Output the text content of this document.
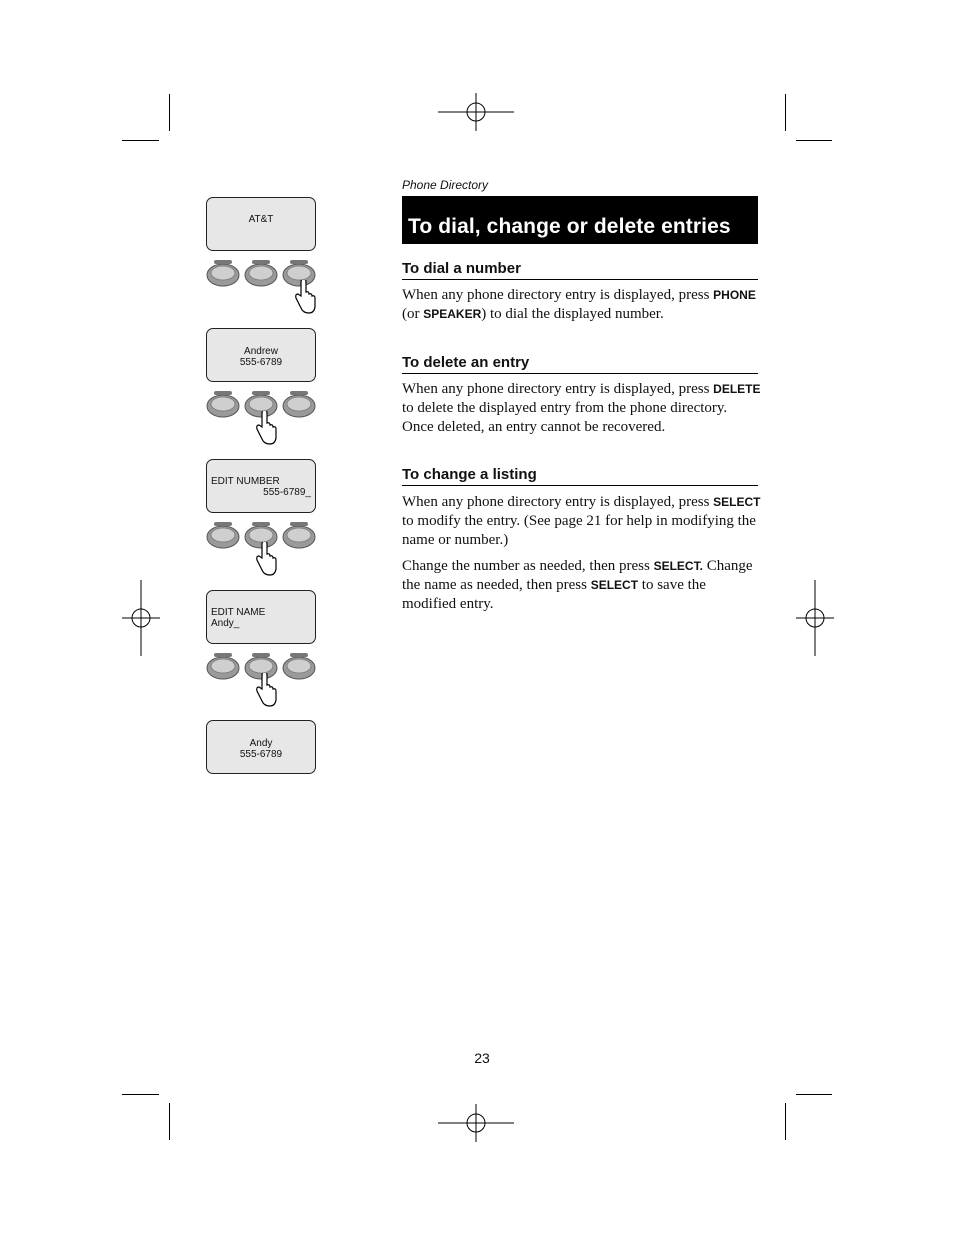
AT&T
Andrew
555-6789
EDIT NUMBER
555-6789_
EDIT NAME
Andy_
Andy
555-6789
Phone Directory
To dial, change or delete entries
To dial a number
When any phone directory entry is displayed, press PHONE (or SPEAKER) to dial the displayed number.
To delete an entry
When any phone directory entry is displayed, press DELETE to delete the displayed entry from the phone directory. Once deleted, an entry cannot be recovered.
To change a listing
When any phone directory entry is displayed, press SELECT to modify the entry. (See page 21 for help in modifying the name or number.)
Change the number as needed, then press SELECT. Change the name as needed, then press SELECT to save the modified entry.
23
